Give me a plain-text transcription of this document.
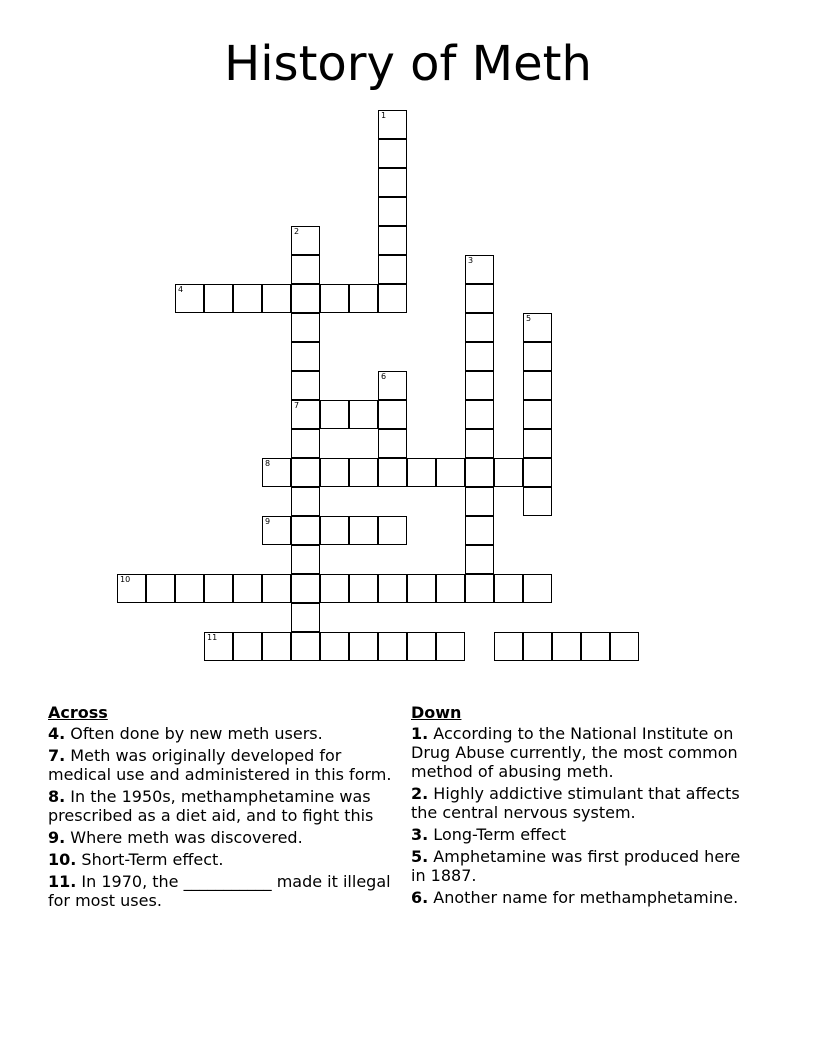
History of Meth
1
2
7
3
4
5
6
8
9
10
11
Across
4. Often done by new meth users.
7. Meth was originally developed for medical use and administered in this form.
8. In the 1950s, methamphetamine was prescribed as a diet aid, and to fight this
9. Where meth was discovered.
10. Short-Term effect.
11. In 1970, the ___________ made it illegal for most uses.
Down
1. According to the National Institute on Drug Abuse currently, the most common method of abusing meth.
2. Highly addictive stimulant that affects the central nervous system.
3. Long-Term effect
5. Amphetamine was first produced here in 1887.
6. Another name for methamphetamine.
